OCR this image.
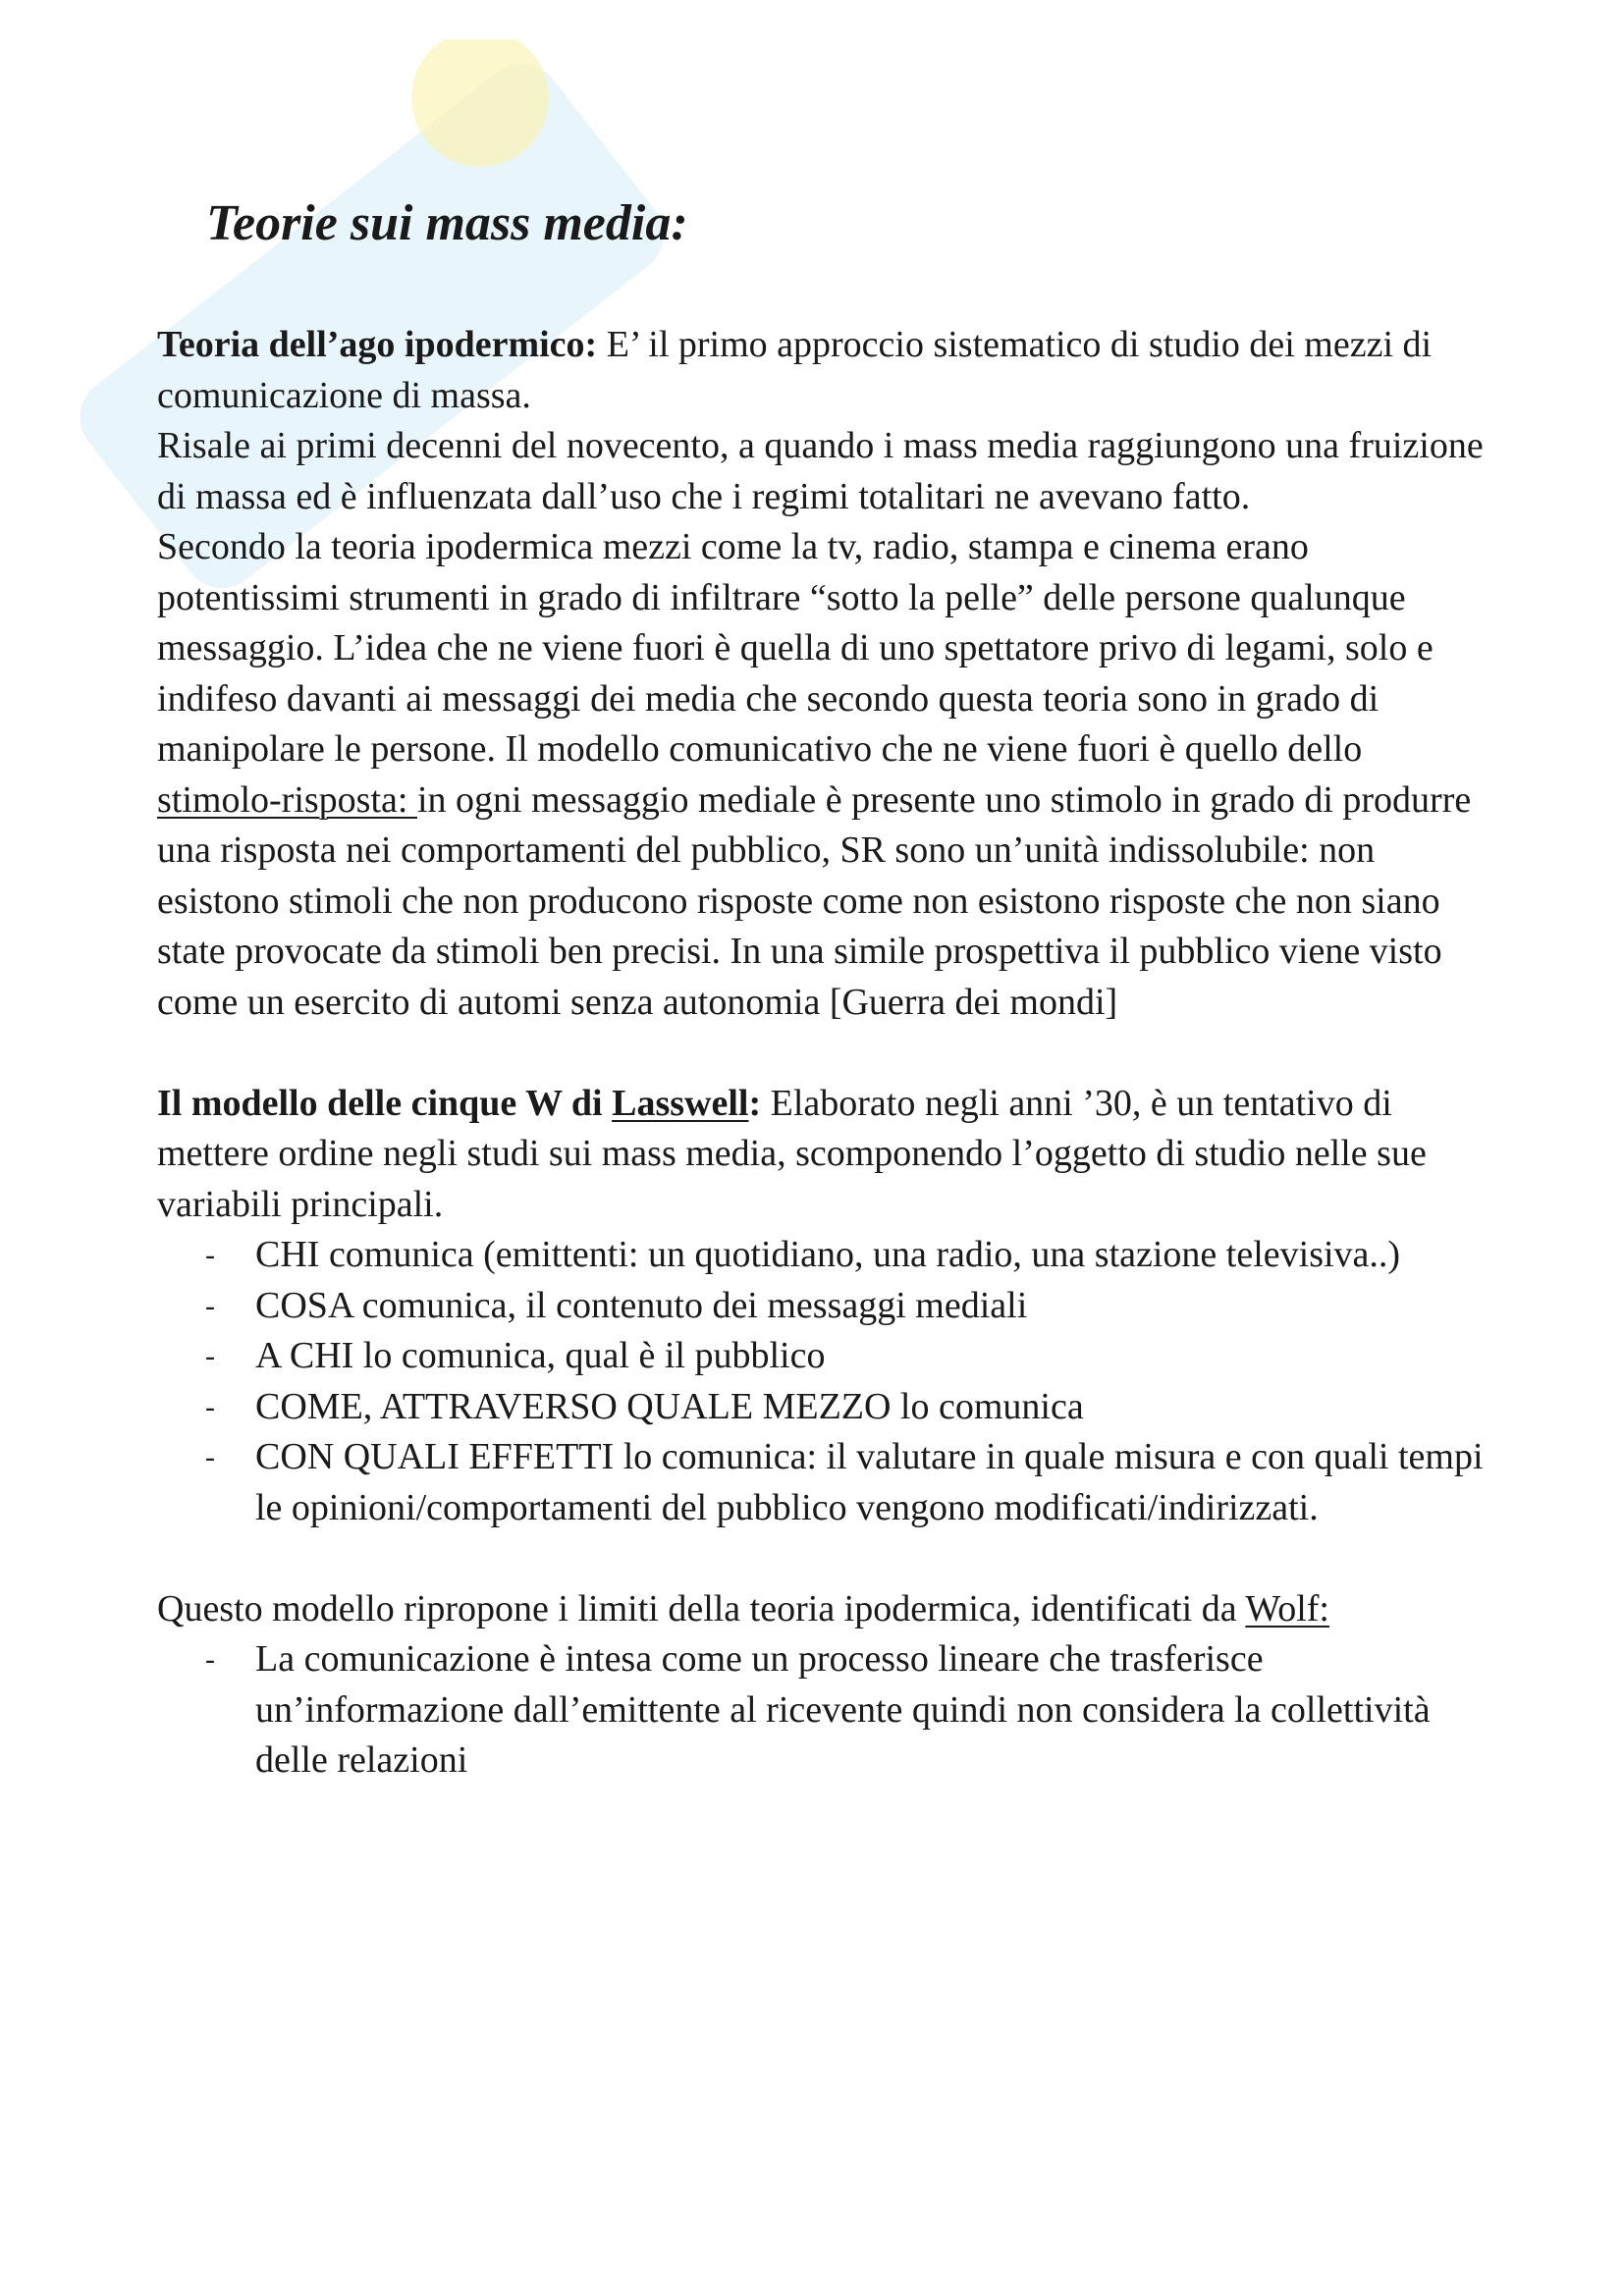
Teorie sui mass media:

Teoria dell’ago ipodermico: E’ il primo approccio sistematico di studio dei mezzi di comunicazione di massa.

Risale ai primi decenni del novecento, a quando i mass media raggiungono una fruizione di massa ed è influenzata dall’uso che i regimi totalitari ne avevano fatto.

Secondo la teoria ipodermica mezzi come la tv, radio, stampa e cinema erano potentissimi strumenti in grado di infiltrare “sotto la pelle” delle persone qualunque messaggio. L’idea che ne viene fuori è quella di uno spettatore privo di legami, solo e indifeso davanti ai messaggi dei media che secondo questa teoria sono in grado di manipolare le persone. Il modello comunicativo che ne viene fuori è quello dello stimolo-risposta: in ogni messaggio mediale è presente uno stimolo in grado di produrre una risposta nei comportamenti del pubblico, SR sono un’unità indissolubile: non esistono stimoli che non producono risposte come non esistono risposte che non siano state provocate da stimoli ben precisi. In una simile prospettiva il pubblico viene visto come un esercito di automi senza autonomia [Guerra dei mondi]

Il modello delle cinque W di Lasswell: Elaborato negli anni ’30, è un tentativo di mettere ordine negli studi sui mass media, scomponendo l’oggetto di studio nelle sue variabili principali.

- CHI comunica (emittenti: un quotidiano, una radio, una stazione televisiva..)
- COSA comunica, il contenuto dei messaggi mediali
- A CHI lo comunica, qual è il pubblico
- COME, ATTRAVERSO QUALE MEZZO lo comunica
- CON QUALI EFFETTI lo comunica: il valutare in quale misura e con quali tempi le opinioni/comportamenti del pubblico vengono modificati/indirizzati.

Questo modello ripropone i limiti della teoria ipodermica, identificati da Wolf:

- La comunicazione è intesa come un processo lineare che trasferisce un’informazione dall’emittente al ricevente quindi non considera la collettività delle relazioni
